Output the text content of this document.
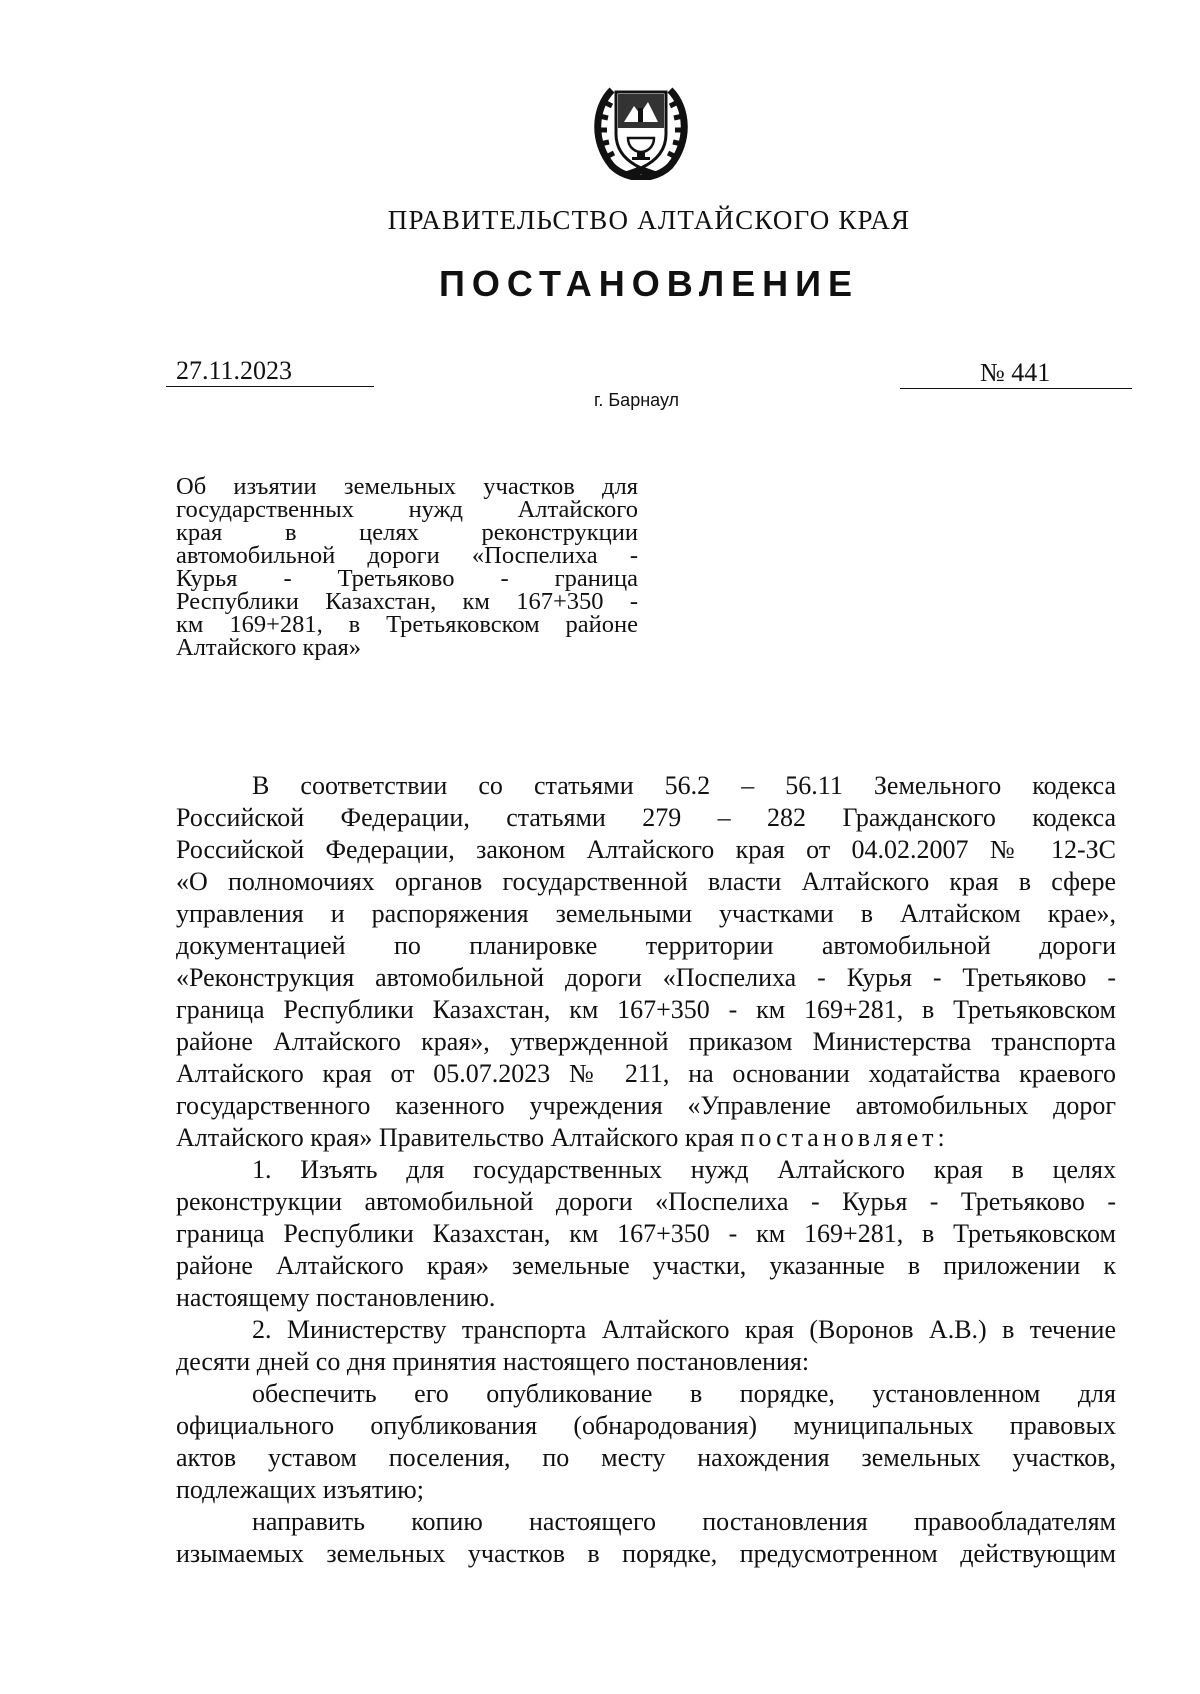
ПРАВИТЕЛЬСТВО АЛТАЙСКОГО КРАЯ
ПОСТАНОВЛЕНИЕ
27.11.2023	№ 441
г. Барнаул
Об изъятии земельных участков для
государственных нужд Алтайского
края в целях реконструкции
автомобильной дороги «Поспелиха -
Курья - Третьяково - граница
Республики Казахстан, км 167+350 -
км 169+281, в Третьяковском районе
Алтайского края»
В соответствии со статьями 56.2 – 56.11 Земельного кодекса
Российской Федерации, статьями 279 – 282 Гражданского кодекса
Российской Федерации, законом Алтайского края от 04.02.2007 № 12-ЗС
«О полномочиях органов государственной власти Алтайского края в сфере
управления и распоряжения земельными участками в Алтайском крае»,
документацией по планировке территории автомобильной дороги
«Реконструкция автомобильной дороги «Поспелиха - Курья - Третьяково -
граница Республики Казахстан, км 167+350 - км 169+281, в Третьяковском
районе Алтайского края», утвержденной приказом Министерства транспорта
Алтайского края от 05.07.2023 № 211, на основании ходатайства краевого
государственного казенного учреждения «Управление автомобильных дорог
Алтайского края» Правительство Алтайского края постановляет:
1. Изъять для государственных нужд Алтайского края в целях
реконструкции автомобильной дороги «Поспелиха - Курья - Третьяково -
граница Республики Казахстан, км 167+350 - км 169+281, в Третьяковском
районе Алтайского края» земельные участки, указанные в приложении к
настоящему постановлению.
2. Министерству транспорта Алтайского края (Воронов А.В.) в течение
десяти дней со дня принятия настоящего постановления:
обеспечить его опубликование в порядке, установленном для
официального опубликования (обнародования) муниципальных правовых
актов уставом поселения, по месту нахождения земельных участков,
подлежащих изъятию;
направить копию настоящего постановления правообладателям
изымаемых земельных участков в порядке, предусмотренном действующим
